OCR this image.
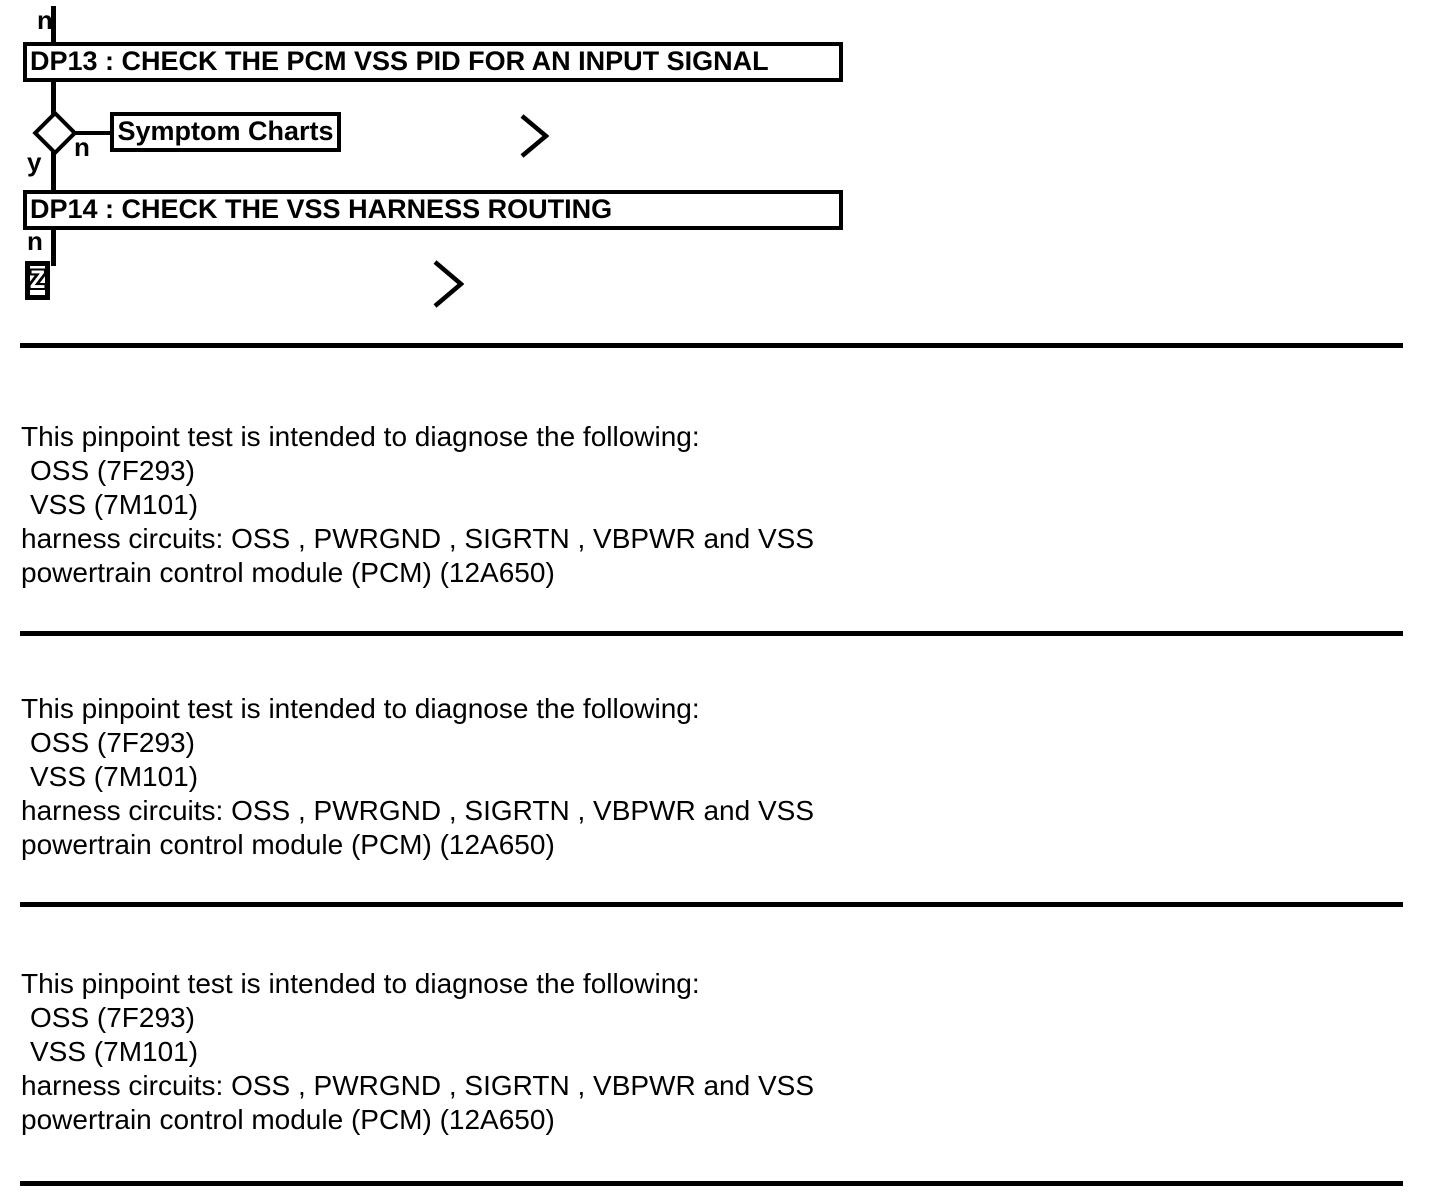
n
DP13 : CHECK THE PCM VSS PID FOR AN INPUT SIGNAL
n
y
Symptom Charts
DP14 : CHECK THE VSS HARNESS ROUTING
n
Z
This pinpoint test is intended to diagnose the following:
OSS (7F293)
VSS (7M101)
harness circuits: OSS , PWRGND , SIGRTN , VBPWR and VSS
powertrain control module (PCM) (12A650)
This pinpoint test is intended to diagnose the following:
OSS (7F293)
VSS (7M101)
harness circuits: OSS , PWRGND , SIGRTN , VBPWR and VSS
powertrain control module (PCM) (12A650)
This pinpoint test is intended to diagnose the following:
OSS (7F293)
VSS (7M101)
harness circuits: OSS , PWRGND , SIGRTN , VBPWR and VSS
powertrain control module (PCM) (12A650)
